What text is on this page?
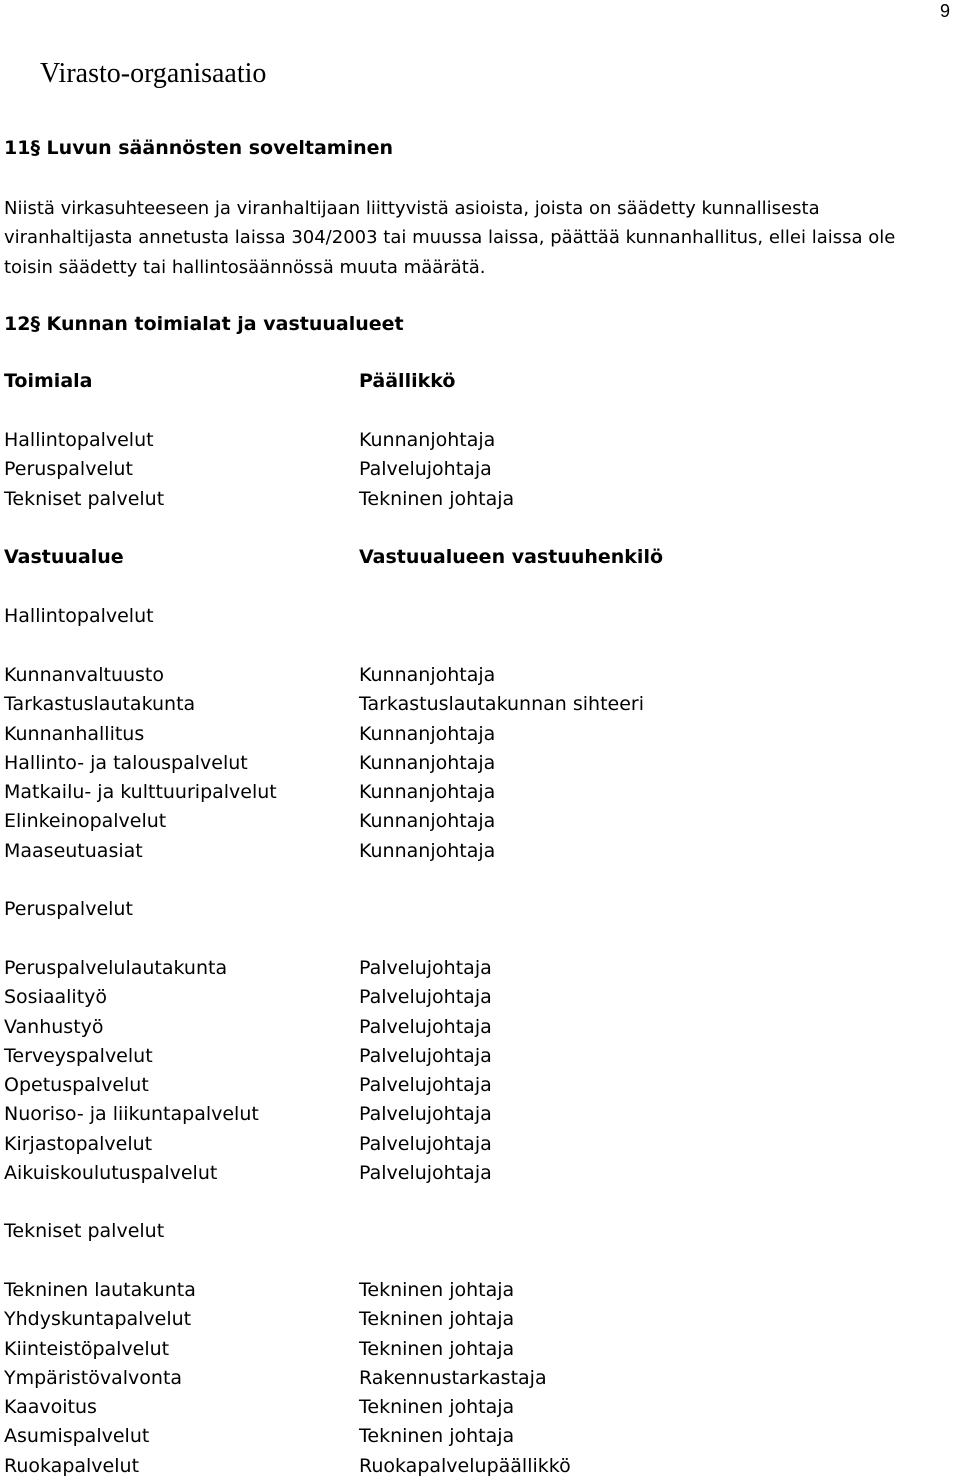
9
Virasto-organisaatio
11§ Luvun säännösten soveltaminen
Niistä virkasuhteeseen ja viranhaltijaan liittyvistä asioista, joista on säädetty kunnallisesta
viranhaltijasta annetusta laissa 304/2003 tai muussa laissa, päättää kunnanhallitus, ellei laissa ole
toisin säädetty tai hallintosäännössä muuta määrätä.
12§ Kunnan toimialat ja vastuualueet
Toimiala	Päällikkö
Hallintopalvelut
Peruspalvelut
Tekniset palvelut
Kunnanjohtaja
Palvelujohtaja
Tekninen johtaja
Vastuualue	Vastuualueen vastuuhenkilö
Hallintopalvelut
Kunnanvaltuusto
Tarkastuslautakunta
Kunnanhallitus
Hallinto- ja talouspalvelut
Matkailu- ja kulttuuripalvelut
Elinkeinopalvelut
Maaseutuasiat
Kunnanjohtaja
Tarkastuslautakunnan sihteeri
Kunnanjohtaja
Kunnanjohtaja
Kunnanjohtaja
Kunnanjohtaja
Kunnanjohtaja
Peruspalvelut
Peruspalvelulautakunta
Sosiaalityö
Vanhustyö
Terveyspalvelut
Opetuspalvelut
Nuoriso- ja liikuntapalvelut
Kirjastopalvelut
Aikuiskoulutuspalvelut
Palvelujohtaja
Palvelujohtaja
Palvelujohtaja
Palvelujohtaja
Palvelujohtaja
Palvelujohtaja
Palvelujohtaja
Palvelujohtaja
Tekniset palvelut
Tekninen lautakunta
Yhdyskuntapalvelut
Kiinteistöpalvelut
Ympäristövalvonta
Kaavoitus
Asumispalvelut
Ruokapalvelut
Tekninen johtaja
Tekninen johtaja
Tekninen johtaja
Rakennustarkastaja
Tekninen johtaja
Tekninen johtaja
Ruokapalvelupäällikkö
